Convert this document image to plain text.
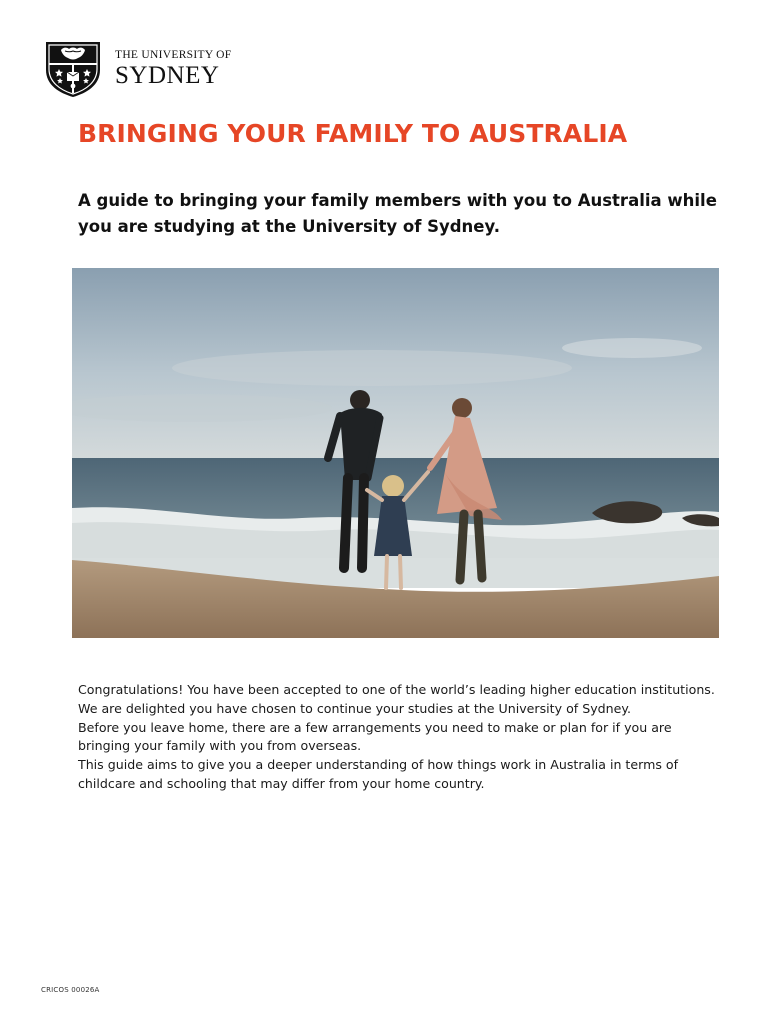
THE UNIVERSITY OF
SYDNEY
BRINGING YOUR FAMILY TO AUSTRALIA

A guide to bringing your family members with you to Australia while you are studying at the University of Sydney.

Congratulations! You have been accepted to one of the world’s leading higher education institutions. We are delighted you have chosen to continue your studies at the University of Sydney.

Before you leave home, there are a few arrangements you need to make or plan for if you are bringing your family with you from overseas.

This guide aims to give you a deeper understanding of how things work in Australia in terms of childcare and schooling that may differ from your home country.

CRICOS 00026A
